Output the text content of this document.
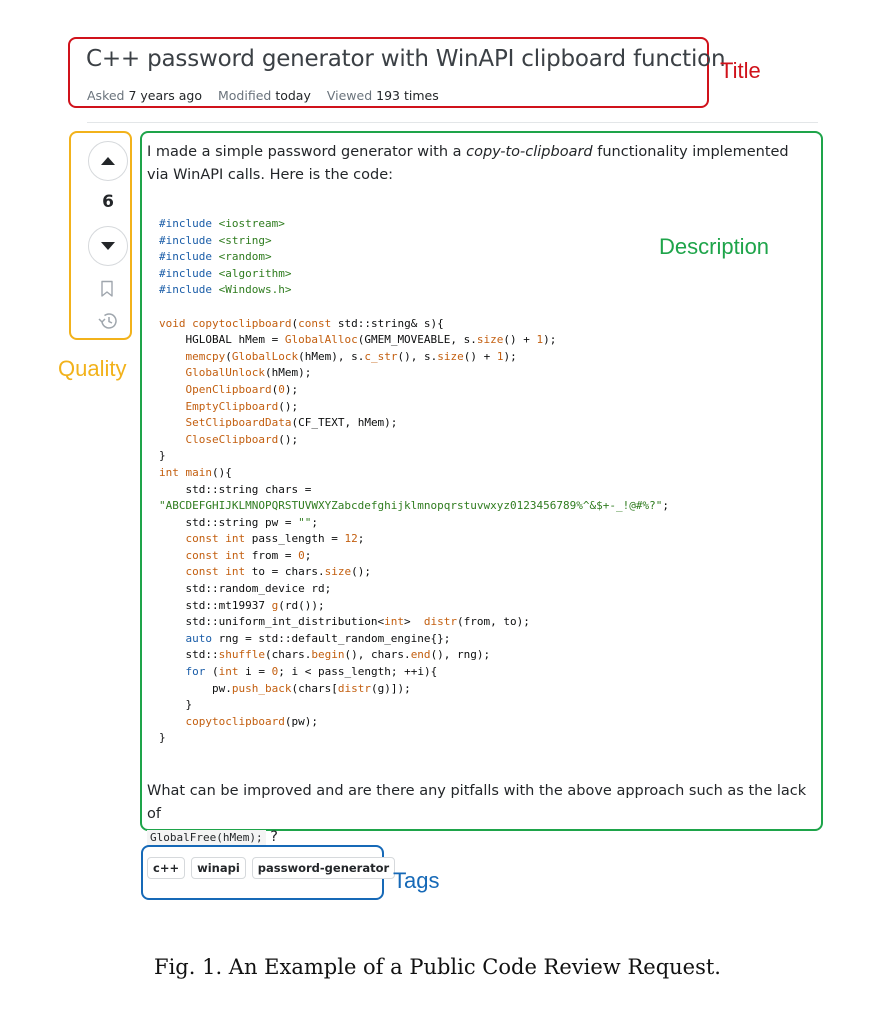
C++ password generator with WinAPI clipboard function
Asked 7 years ago Modified today Viewed 193 times
Title
6
Quality
I made a simple password generator with a copy-to-clipboard functionality implemented via WinAPI calls. Here is the code:
Description
#include <iostream>
#include <string>
#include <random>
#include <algorithm>
#include <Windows.h>

void copytoclipboard(const std::string& s){
HGLOBAL hMem = GlobalAlloc(GMEM_MOVEABLE, s.size() + 1);
memcpy(GlobalLock(hMem), s.c_str(), s.size() + 1);
GlobalUnlock(hMem);
OpenClipboard(0);
EmptyClipboard();
SetClipboardData(CF_TEXT, hMem);
CloseClipboard();
}
int main(){
std::string chars =
"ABCDEFGHIJKLMNOPQRSTUVWXYZabcdefghijklmnopqrstuvwxyz0123456789%^&$+-_!@#%?";
std::string pw = "";
const int pass_length = 12;
const int from = 0;
const int to = chars.size();
std::random_device rd;
std::mt19937 g(rd());
std::uniform_int_distribution<int>  distr(from, to);
auto rng = std::default_random_engine{};
std::shuffle(chars.begin(), chars.end(), rng);
for (int i = 0; i < pass_length; ++i){
pw.push_back(chars[distr(g)]);
}
copytoclipboard(pw);
}
What can be improved and are there any pitfalls with the above approach such as the lack of
GlobalFree(hMem); ?
c++	winapi	password-generator Tags
Fig. 1. An Example of a Public Code Review Request.
